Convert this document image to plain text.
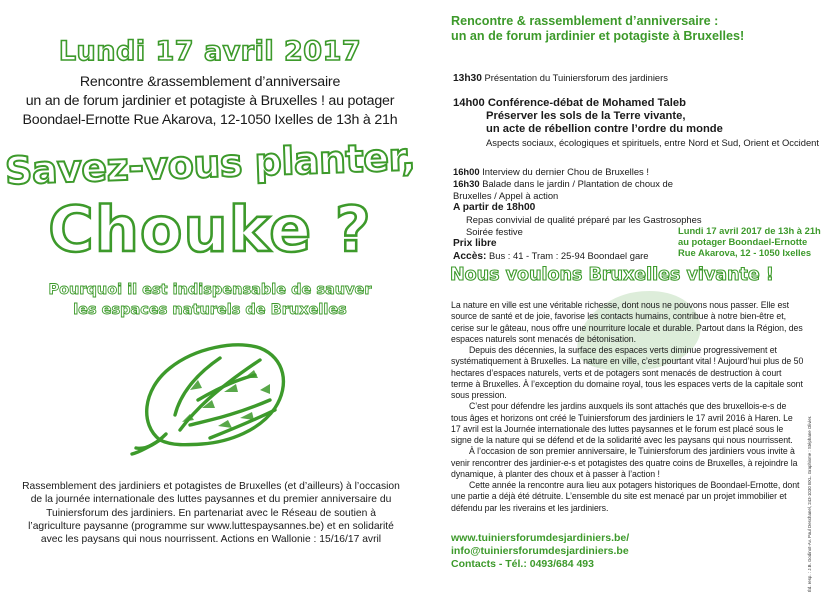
Lundi 17 avril 2017
Rencontre &rassemblement d’anniversaire
un an de forum jardinier et potagiste à Bruxelles ! au potager
Boondael-Ernotte Rue Akarova, 12-1050 Ixelles de 13h à 21h
Savez-vous planter,
Chouke ?
Pourquoi il est indispensable de sauver
les espaces naturels de Bruxelles
Rassemblement des jardiniers et potagistes de Bruxelles (et d’ailleurs) à l’occasion de la journée internationale des luttes paysannes et du premier anniversaire du Tuiniersforum des jardiniers. En partenariat avec le Réseau de soutien à l’agriculture paysanne (programme sur www.luttespaysannes.be) et en solidarité avec les paysans qui nous nourrissent. Actions en Wallonie : 15/16/17 avril
Rencontre & rassemblement d’anniversaire :
un an de forum jardinier et potagiste à Bruxelles!
13h30 Présentation du Tuiniersforum des jardiniers
14h00 Conférence-débat de Mohamed Taleb
Préserver les sols de la Terre vivante,
un acte de rébellion contre l’ordre du monde
Aspects sociaux, écologiques et spirituels, entre Nord et Sud, Orient et Occident
16h00 Interview du dernier Chou de Bruxelles !
16h30 Balade dans le jardin / Plantation de choux de Bruxelles / Appel à action
A partir de 18h00
Repas convivial de qualité préparé par les Gastrosophes
Soirée festive
Prix libre
Accès: Bus : 41 - Tram : 25-94 Boondael gare
Lundi 17 avril 2017 de 13h à 21h
au potager Boondael-Ernotte
Rue Akarova, 12 - 1050 Ixelles
Nous voulons Bruxelles vivante !

La nature en ville est une véritable richesse, dont nous ne pouvons nous passer. Elle est source de santé et de joie, favorise les contacts humains, contribue à notre bien-être et, cerise sur le gâteau, nous offre une nourriture locale et durable. Partout dans la Région, des espaces naturels sont menacés de bétonisation.

Depuis des décennies, la surface des espaces verts diminue progressivement et systématiquement à Bruxelles. La nature en ville, c’est pourtant vital ! Aujourd’hui plus de 50 hectares d’espaces naturels, verts et de potagers sont menacés de destruction à court terme à Bruxelles. À l’exception du domaine royal, tous les espaces verts de la capitale sont sous pression.

C’est pour défendre les jardins auxquels ils sont attachés que des bruxellois-e-s de tous âges et horizons ont créé le Tuiniersforum des jardiniers le 17 avril 2016 à Haren. Le 17 avril est la Journée internationale des luttes paysannes et le forum est placé sous le signe de la nature qui se défend et de la solidarité avec les paysans qui nous nourrissent.

À l’occasion de son premier anniversaire, le Tuiniersforum des jardiniers vous invite à venir rencontrer des jardinier-e-s et potagistes des quatre coins de Bruxelles, à rejoindre la dynamique, à planter des choux et à passer à l’action !

Cette année la rencontre aura lieu aux potagers historiques de Boondael-Ernotte, dont une partie a déjà été détruite. L’ensemble du site est menacé par un projet immobilier et défendu par les riverains et les jardiniers.

www.tuiniersforumdesjardiniers.be/
info@tuiniersforumdesjardiniers.be
Contacts - Tél.: 0493/684 493	Éd. resp. : J.B. Godinot-Av. Paul Deschanel, 243-1030 BXL. Graphisme : Stéphane Olivier.
